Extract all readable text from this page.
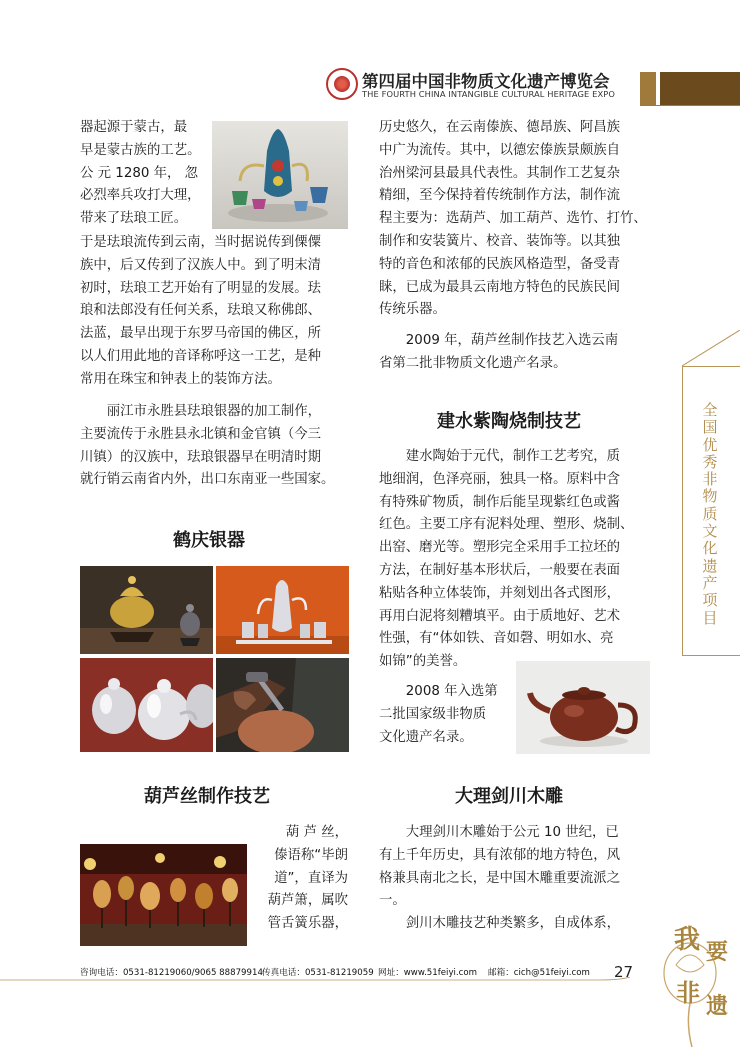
第四届中国非物质文化遗产博览会
THE FOURTH CHINA INTANGIBLE CULTURAL HERITAGE EXPO
器起源于蒙古，最
早是蒙古族的工艺。
公 元 1280 年， 忽
必烈率兵攻打大理，
带来了珐琅工匠。
于是珐琅流传到云南，当时据说传到傈僳
族中，后又传到了汉族人中。到了明末清
初时，珐琅工艺开始有了明显的发展。珐
琅和法郎没有任何关系，珐琅又称佛郎、
法蓝，最早出现于东罗马帝国的佛区，所
以人们用此地的音译称呼这一工艺，是种
常用在珠宝和钟表上的装饰方法。
　　丽江市永胜县珐琅银器的加工制作，
主要流传于永胜县永北镇和金官镇（今三
川镇）的汉族中，珐琅银器早在明清时期
就行销云南省内外，出口东南亚一些国家。
鹤庆银器
葫芦丝制作技艺
葫 芦 丝，
傣语称“毕朗
道”，直译为
葫芦箫，属吹
管舌簧乐器，
历史悠久，在云南傣族、德昂族、阿昌族
中广为流传。其中，以德宏傣族景颇族自
治州梁河县最具代表性。其制作工艺复杂
精细，至今保持着传统制作方法，制作流
程主要为：选葫芦、加工葫芦、选竹、打竹、
制作和安装簧片、校音、装饰等。以其独
特的音色和浓郁的民族风格造型，备受青
睐，已成为最具云南地方特色的民族民间
传统乐器。
　　2009 年，葫芦丝制作技艺入选云南
省第二批非物质文化遗产名录。
建水紫陶烧制技艺
　　建水陶始于元代，制作工艺考究，质
地细润，色泽亮丽，独具一格。原料中含
有特殊矿物质，制作后能呈现紫红色或酱
红色。主要工序有泥料处理、塑形、烧制、
出窑、磨光等。塑形完全采用手工拉坯的
方法，在制好基本形状后，一般要在表面
粘贴各种立体装饰，并刻划出各式图形，
再用白泥将刻糟填平。由于质地好、艺术
性强，有“体如铁、音如磬、明如水、亮
如锦”的美誉。
　　2008 年入选第
二批国家级非物质
文化遗产名录。
大理剑川木雕
　　大理剑川木雕始于公元 10 世纪，已
有上千年历史，具有浓郁的地方特色，风
格兼具南北之长，是中国木雕重要流派之
一。
　　剑川木雕技艺种类繁多，自成体系，
全
国
优
秀
非
物
质
文
化
遗
产
项
目
咨询电话：0531-81219060/9065 88879914 传真电话：0531-81219059 网址：www.51feiyi.com 邮箱：cich@51feiyi.com 27
我 要
非 遗
